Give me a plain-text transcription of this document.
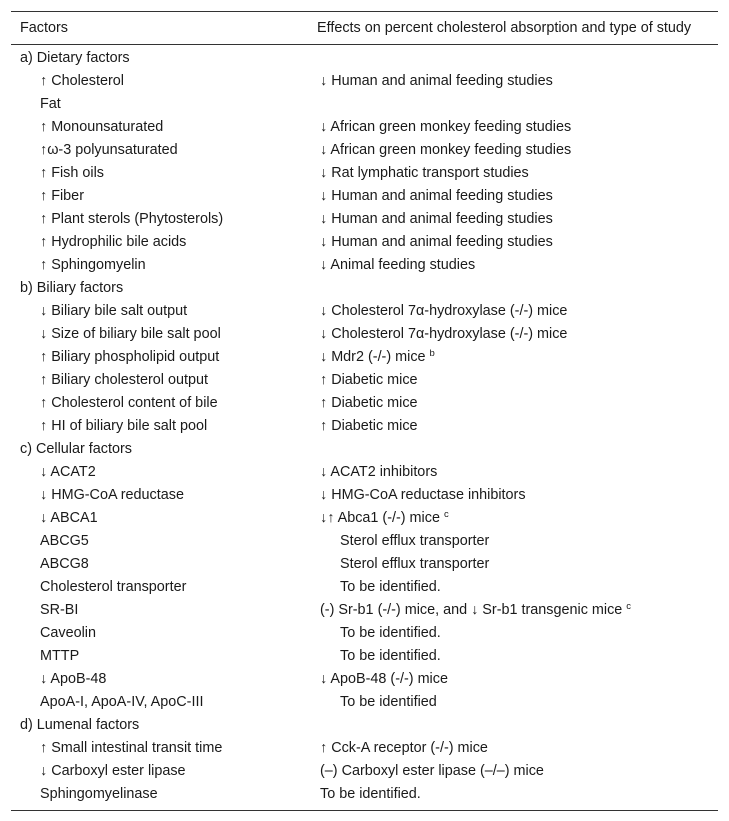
Factors	Effects on percent cholesterol absorption and type of study
a) Dietary factors	
↑ Cholesterol	↓ Human and animal feeding studies
Fat	
↑ Monounsaturated	↓ African green monkey feeding studies
↑ω-3 polyunsaturated	↓ African green monkey feeding studies
↑ Fish oils	↓ Rat lymphatic transport studies
↑ Fiber	↓ Human and animal feeding studies
↑ Plant sterols (Phytosterols)	↓ Human and animal feeding studies
↑ Hydrophilic bile acids	↓ Human and animal feeding studies
↑ Sphingomyelin	↓ Animal feeding studies
b) Biliary factors	
↓ Biliary bile salt output	↓ Cholesterol 7α-hydroxylase (-/-) mice
↓ Size of biliary bile salt pool	↓ Cholesterol 7α-hydroxylase (-/-) mice
↑ Biliary phospholipid output	↓ Mdr2 (-/-) mice $^b$
↑ Biliary cholesterol output	↑ Diabetic mice
↑ Cholesterol content of bile	↑ Diabetic mice
↑ HI of biliary bile salt pool	↑ Diabetic mice
c) Cellular factors	
↓ ACAT2	↓ ACAT2 inhibitors
↓ HMG-CoA reductase	↓ HMG-CoA reductase inhibitors
↓ ABCA1	↓↑ Abca1 (-/-) mice $^c$
ABCG5	Sterol efflux transporter
ABCG8	Sterol efflux transporter
Cholesterol transporter	To be identified.
SR-BI	(-) Sr-b1 (-/-) mice, and ↓ Sr-b1 transgenic mice $^c$
Caveolin	To be identified.
MTTP	To be identified.
↓ ApoB-48	↓ ApoB-48 (-/-) mice
ApoA-I, ApoA-IV, ApoC-III	To be identified
d) Lumenal factors	
↑ Small intestinal transit time	↑ Cck-A receptor (-/-) mice
↓ Carboxyl ester lipase	(–) Carboxyl ester lipase (–/–) mice
Sphingomyelinase	To be identified.
